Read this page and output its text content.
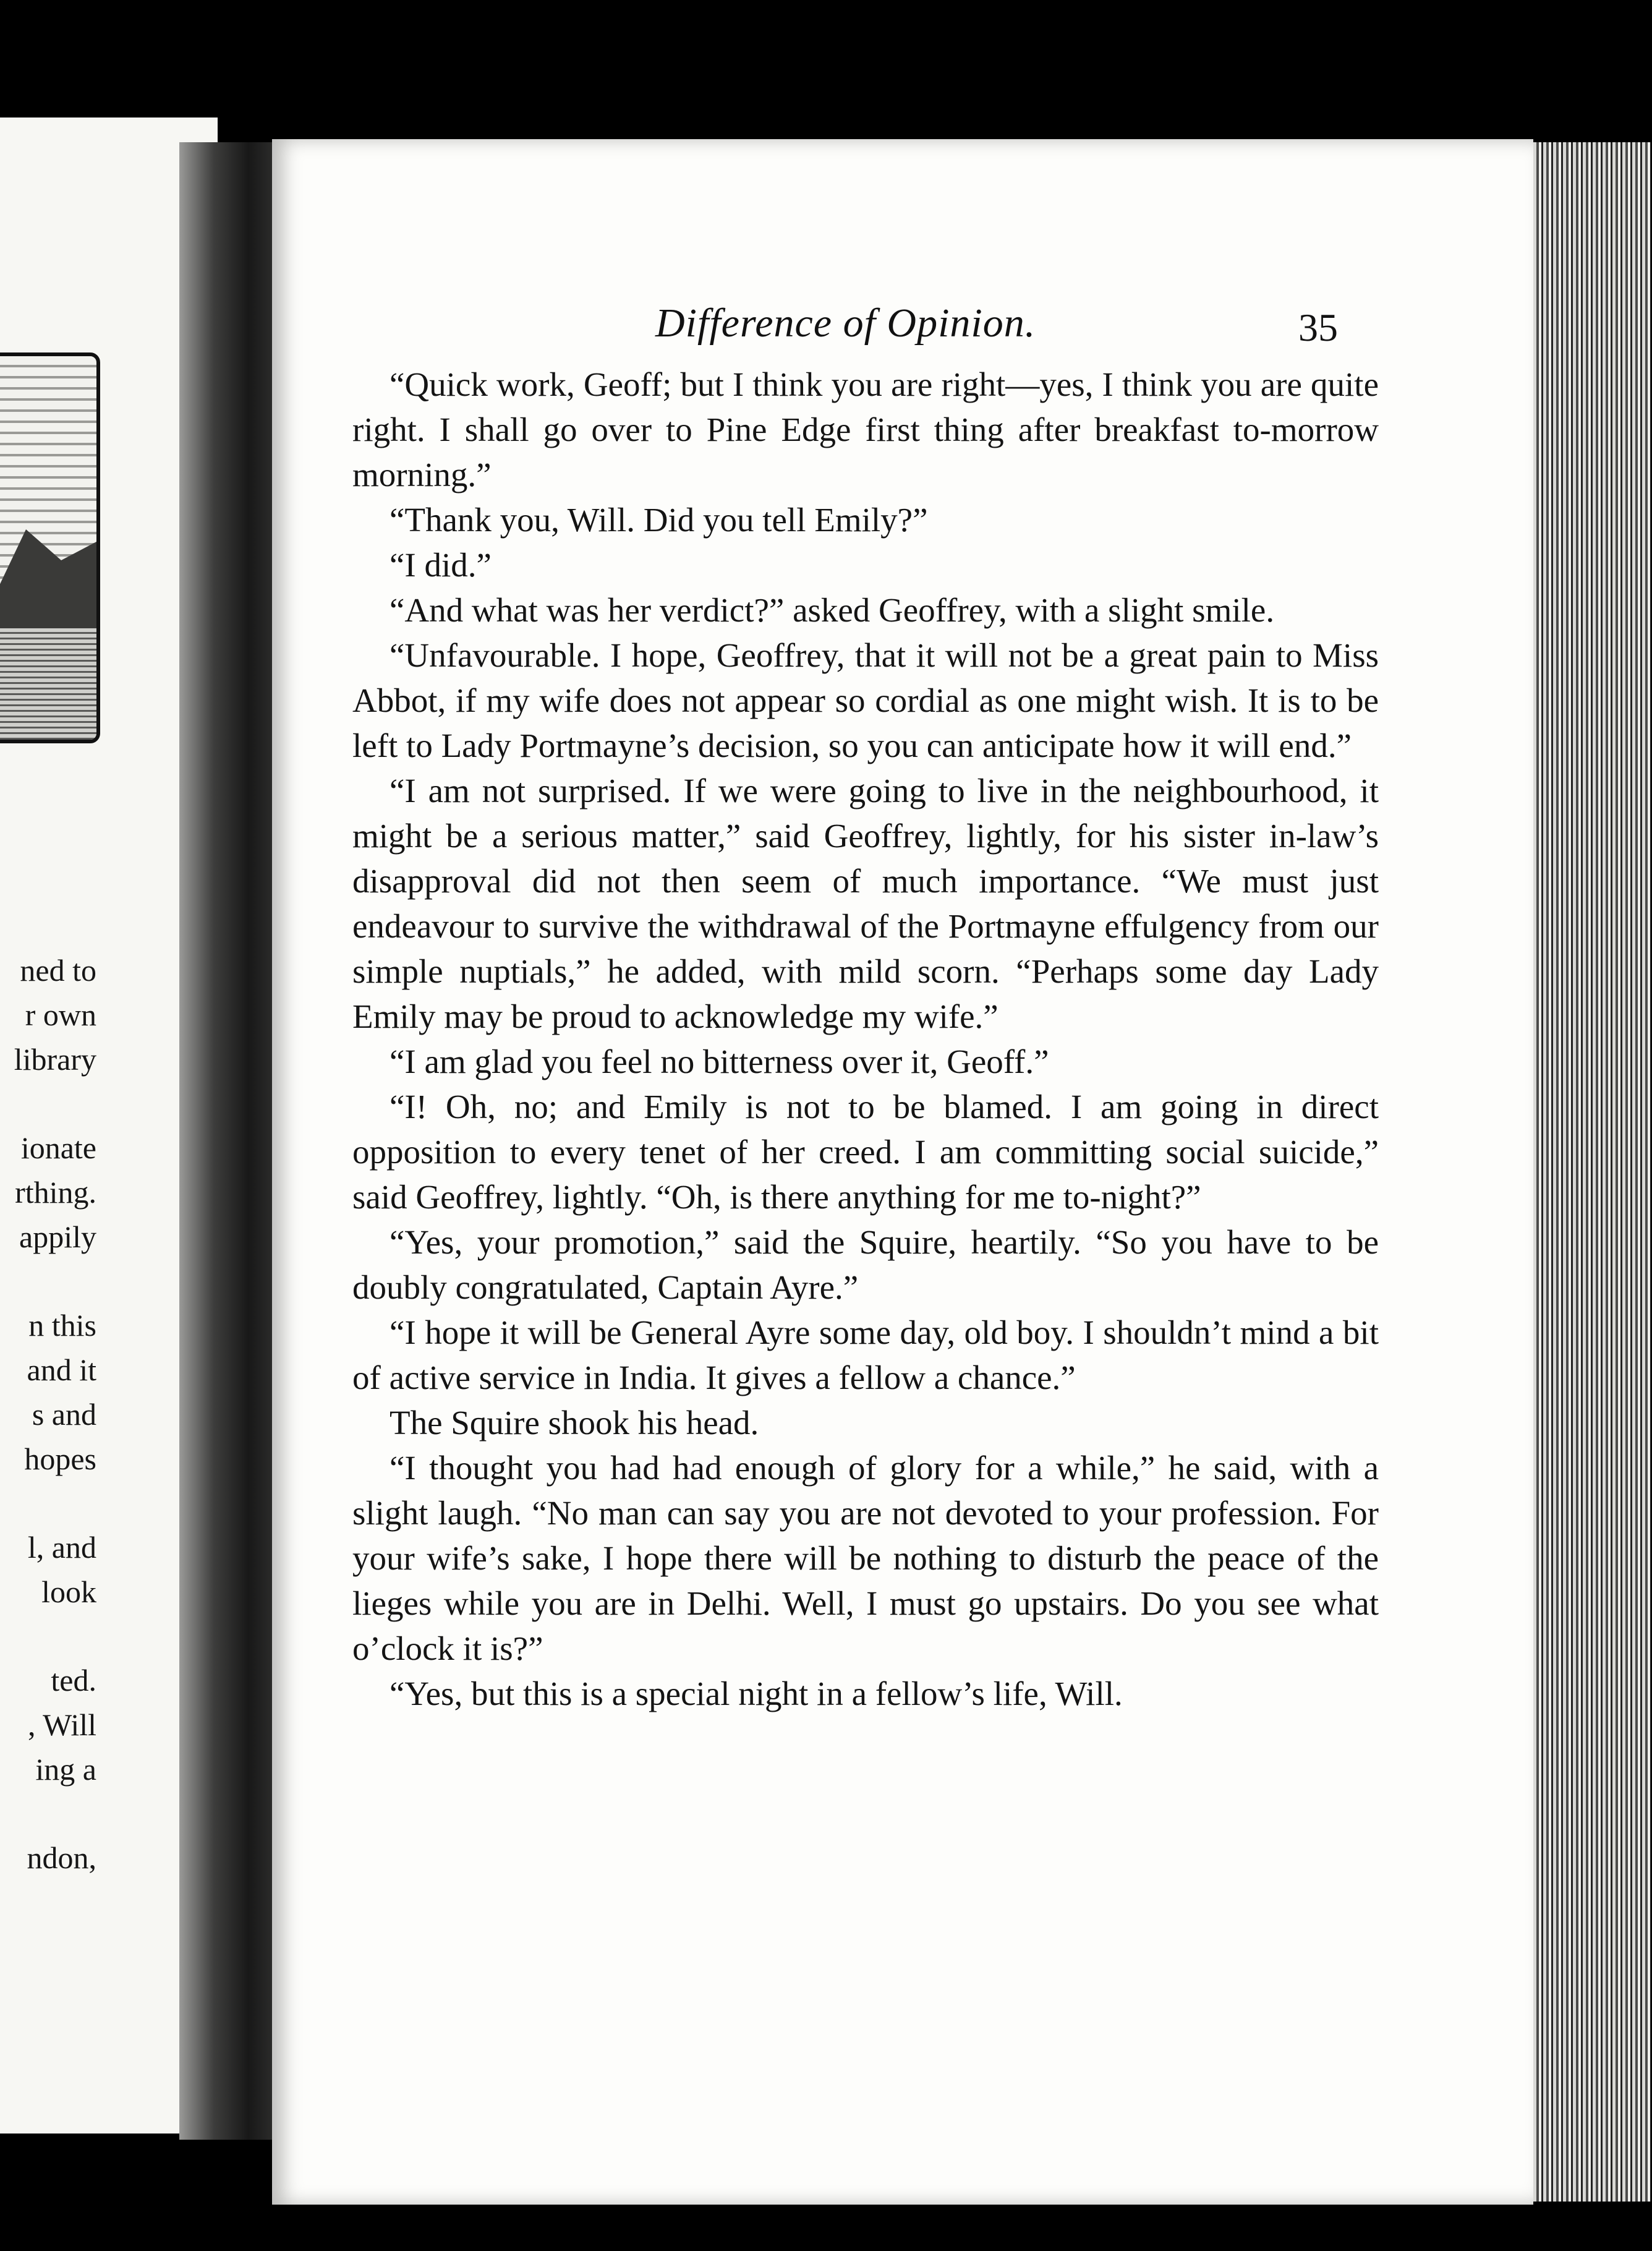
ned to
r own
library
ionate
rthing.
appily
n this
and it
s and
hopes
l, and
look
ted.
, Will
ing a
ndon,
Difference of Opinion.	35

“Quick work, Geoff; but I think you are right—yes, I think you are quite right. I shall go over to Pine Edge first thing after breakfast to-morrow morning.”

“Thank you, Will. Did you tell Emily?”

“I did.”

“And what was her verdict?” asked Geoffrey, with a slight smile.

“Unfavourable. I hope, Geoffrey, that it will not be a great pain to Miss Abbot, if my wife does not appear so cordial as one might wish. It is to be left to Lady Portmayne’s decision, so you can anticipate how it will end.”

“I am not surprised. If we were going to live in the neighbourhood, it might be a serious matter,” said Geoffrey, lightly, for his sister in-law’s disapproval did not then seem of much importance. “We must just endeavour to survive the withdrawal of the Portmayne effulgency from our simple nuptials,” he added, with mild scorn. “Perhaps some day Lady Emily may be proud to acknowledge my wife.”

“I am glad you feel no bitterness over it, Geoff.”

“I! Oh, no; and Emily is not to be blamed. I am going in direct opposition to every tenet of her creed. I am committing social suicide,” said Geoffrey, lightly. “Oh, is there anything for me to-night?”

“Yes, your promotion,” said the Squire, heartily. “So you have to be doubly congratulated, Captain Ayre.”

“I hope it will be General Ayre some day, old boy. I shouldn’t mind a bit of active service in India. It gives a fellow a chance.”

The Squire shook his head.

“I thought you had had enough of glory for a while,” he said, with a slight laugh. “No man can say you are not devoted to your profession. For your wife’s sake, I hope there will be nothing to disturb the peace of the lieges while you are in Delhi. Well, I must go upstairs. Do you see what o’clock it is?”

“Yes, but this is a special night in a fellow’s life, Will.
